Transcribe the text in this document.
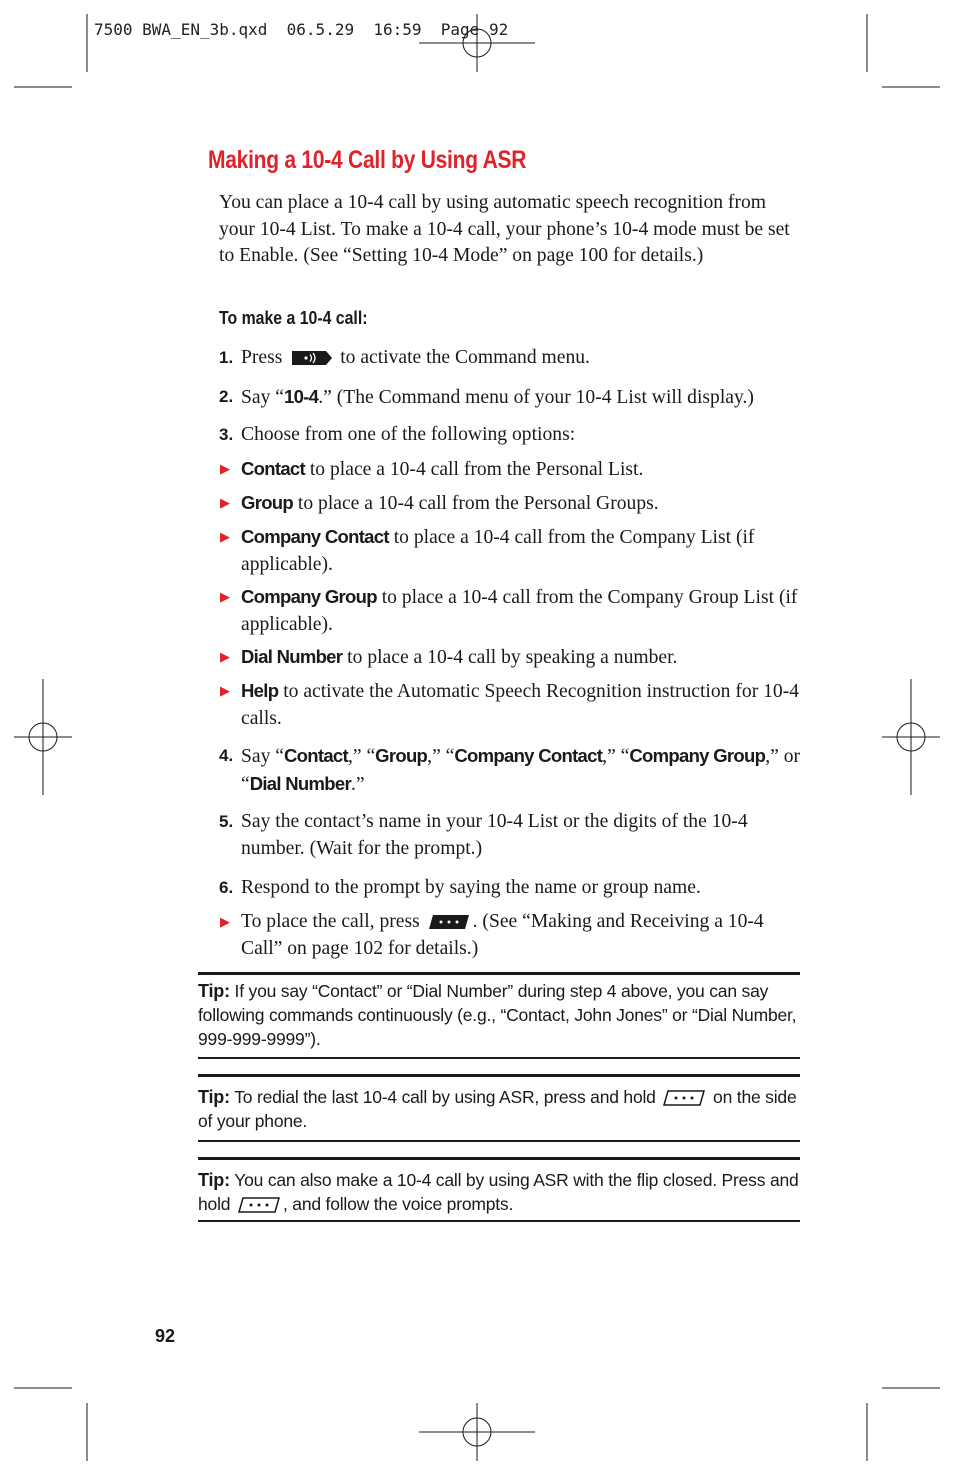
7500 BWA_EN_3b.qxd  06.5.29  16:59  Page 92
Making a 10-4 Call by Using ASR

You can place a 10-4 call by using automatic speech recognition from your 10-4 List. To make a 10-4 call, your phone’s 10-4 mode must be set to Enable. (See “Setting 10-4 Mode” on page 100 for details.)

To make a 10-4 call:
1. Press	to activate the Command menu.
2. Say “10-4.” (The Command menu of your 10-4 List will display.)
3. Choose from one of the following options:
▶ Contact to place a 10-4 call from the Personal List.
▶ Group to place a 10-4 call from the Personal Groups.
▶ Company Contact to place a 10-4 call from the Company List (if applicable).
▶ Company Group to place a 10-4 call from the Company Group List (if applicable).
▶ Dial Number to place a 10-4 call by speaking a number.
▶ Help to activate the Automatic Speech Recognition instruction for 10-4 calls.
4. Say “Contact,” “Group,” “Company Contact,” “Company Group,” or “Dial Number.”
5. Say the contact’s name in your 10-4 List or the digits of the 10-4 number. (Wait for the prompt.)
6. Respond to the prompt by saying the name or group name.
▶ To place the call, press	. (See “Making and Receiving a 10-4 Call” on page 102 for details.)

Tip: If you say “Contact” or “Dial Number” during step 4 above, you can say following commands continuously (e.g., “Contact, John Jones” or “Dial Number, 999-999-9999”).

Tip: To redial the last 10-4 call by using ASR, press and hold	on the side of your phone.

Tip: You can also make a 10-4 call by using ASR with the flip closed. Press and hold	, and follow the voice prompts.

92
